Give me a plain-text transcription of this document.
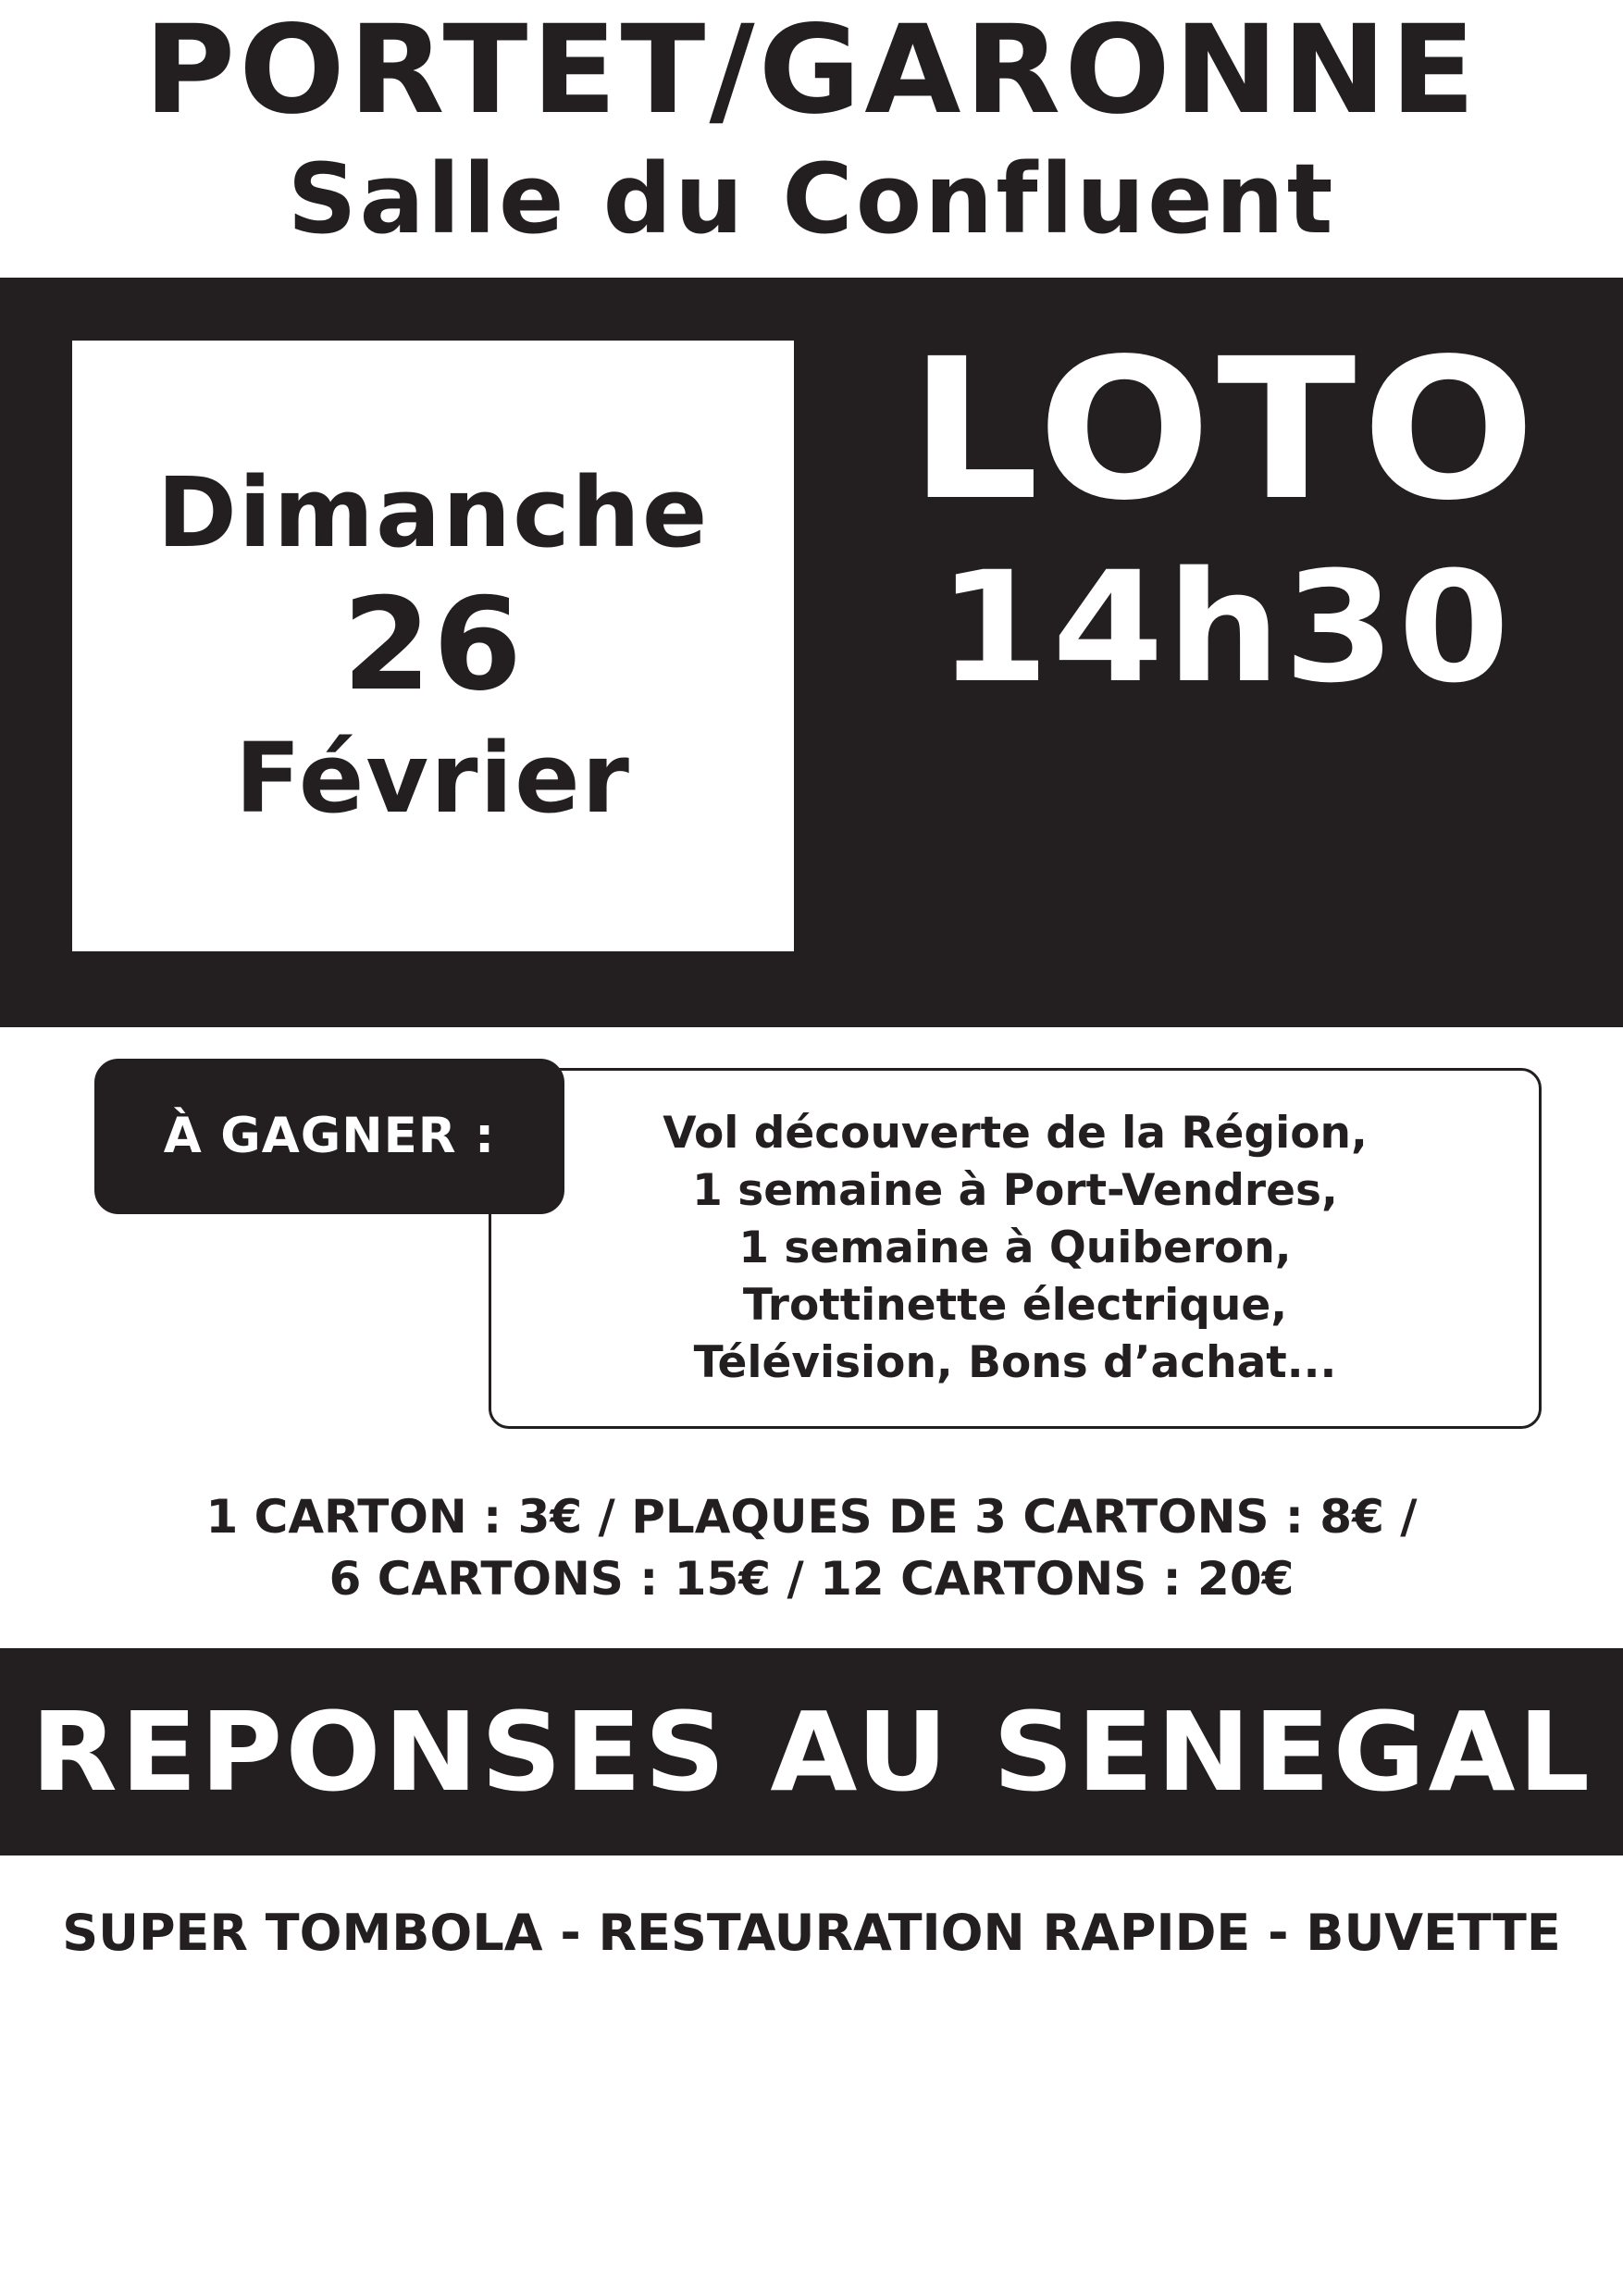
PORTET/GARONNE
Salle du Confluent
Dimanche
26
Février
LOTO
14h30
Vol découverte de la Région,
1 semaine à Port-Vendres,
1 semaine à Quiberon,
Trottinette électrique,
Télévision, Bons d’achat...
À GAGNER :
1 CARTON : 3€ / PLAQUES DE 3 CARTONS : 8€ /
6 CARTONS : 15€ / 12 CARTONS : 20€
REPONSES AU SENEGAL
SUPER TOMBOLA - RESTAURATION RAPIDE - BUVETTE
